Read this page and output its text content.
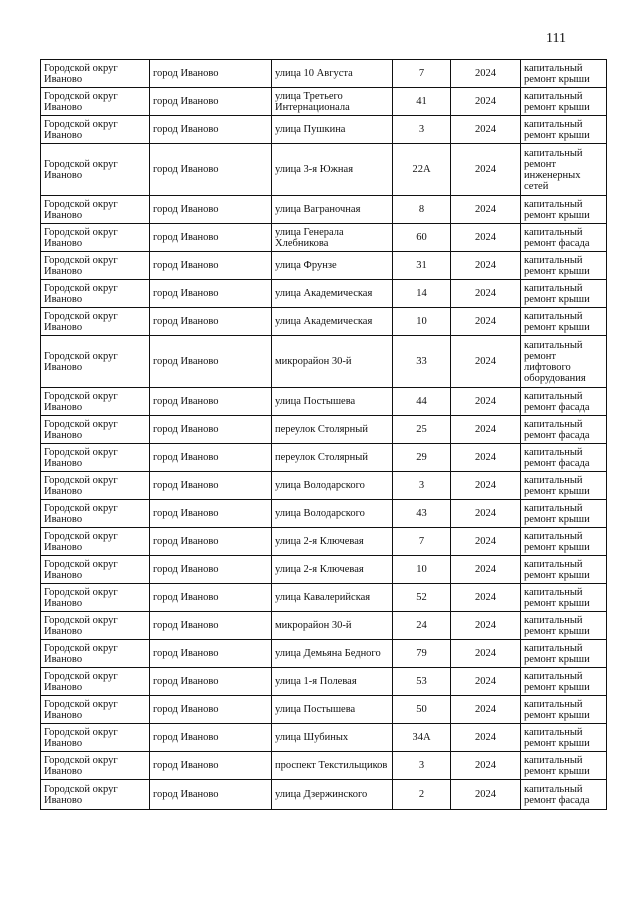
111
Городской округ Иваново	город Иваново	улица 10 Августа	7	2024	капитальный ремонт крыши
Городской округ Иваново	город Иваново	улица Третьего Интернационала	41	2024	капитальный ремонт крыши
Городской округ Иваново	город Иваново	улица Пушкина	3	2024	капитальный ремонт крыши
Городской округ Иваново	город Иваново	улица 3-я Южная	22А	2024	капитальный ремонт инженерных сетей
Городской округ Иваново	город Иваново	улица Ваграночная	8	2024	капитальный ремонт крыши
Городской округ Иваново	город Иваново	улица Генерала Хлебникова	60	2024	капитальный ремонт фасада
Городской округ Иваново	город Иваново	улица Фрунзе	31	2024	капитальный ремонт крыши
Городской округ Иваново	город Иваново	улица Академическая	14	2024	капитальный ремонт крыши
Городской округ Иваново	город Иваново	улица Академическая	10	2024	капитальный ремонт крыши
Городской округ Иваново	город Иваново	микрорайон 30-й	33	2024	капитальный ремонт лифтового оборудования
Городской округ Иваново	город Иваново	улица Постышева	44	2024	капитальный ремонт фасада
Городской округ Иваново	город Иваново	переулок Столярный	25	2024	капитальный ремонт фасада
Городской округ Иваново	город Иваново	переулок Столярный	29	2024	капитальный ремонт фасада
Городской округ Иваново	город Иваново	улица Володарского	3	2024	капитальный ремонт крыши
Городской округ Иваново	город Иваново	улица Володарского	43	2024	капитальный ремонт крыши
Городской округ Иваново	город Иваново	улица 2-я Ключевая	7	2024	капитальный ремонт крыши
Городской округ Иваново	город Иваново	улица 2-я Ключевая	10	2024	капитальный ремонт крыши
Городской округ Иваново	город Иваново	улица Кавалерийская	52	2024	капитальный ремонт крыши
Городской округ Иваново	город Иваново	микрорайон 30-й	24	2024	капитальный ремонт крыши
Городской округ Иваново	город Иваново	улица Демьяна Бедного	79	2024	капитальный ремонт крыши
Городской округ Иваново	город Иваново	улица 1-я Полевая	53	2024	капитальный ремонт крыши
Городской округ Иваново	город Иваново	улица Постышева	50	2024	капитальный ремонт крыши
Городской округ Иваново	город Иваново	улица Шубиных	34А	2024	капитальный ремонт крыши
Городской округ Иваново	город Иваново	проспект Текстильщиков	3	2024	капитальный ремонт крыши
Городской округ Иваново	город Иваново	улица Дзержинского	2	2024	капитальный ремонт фасада
